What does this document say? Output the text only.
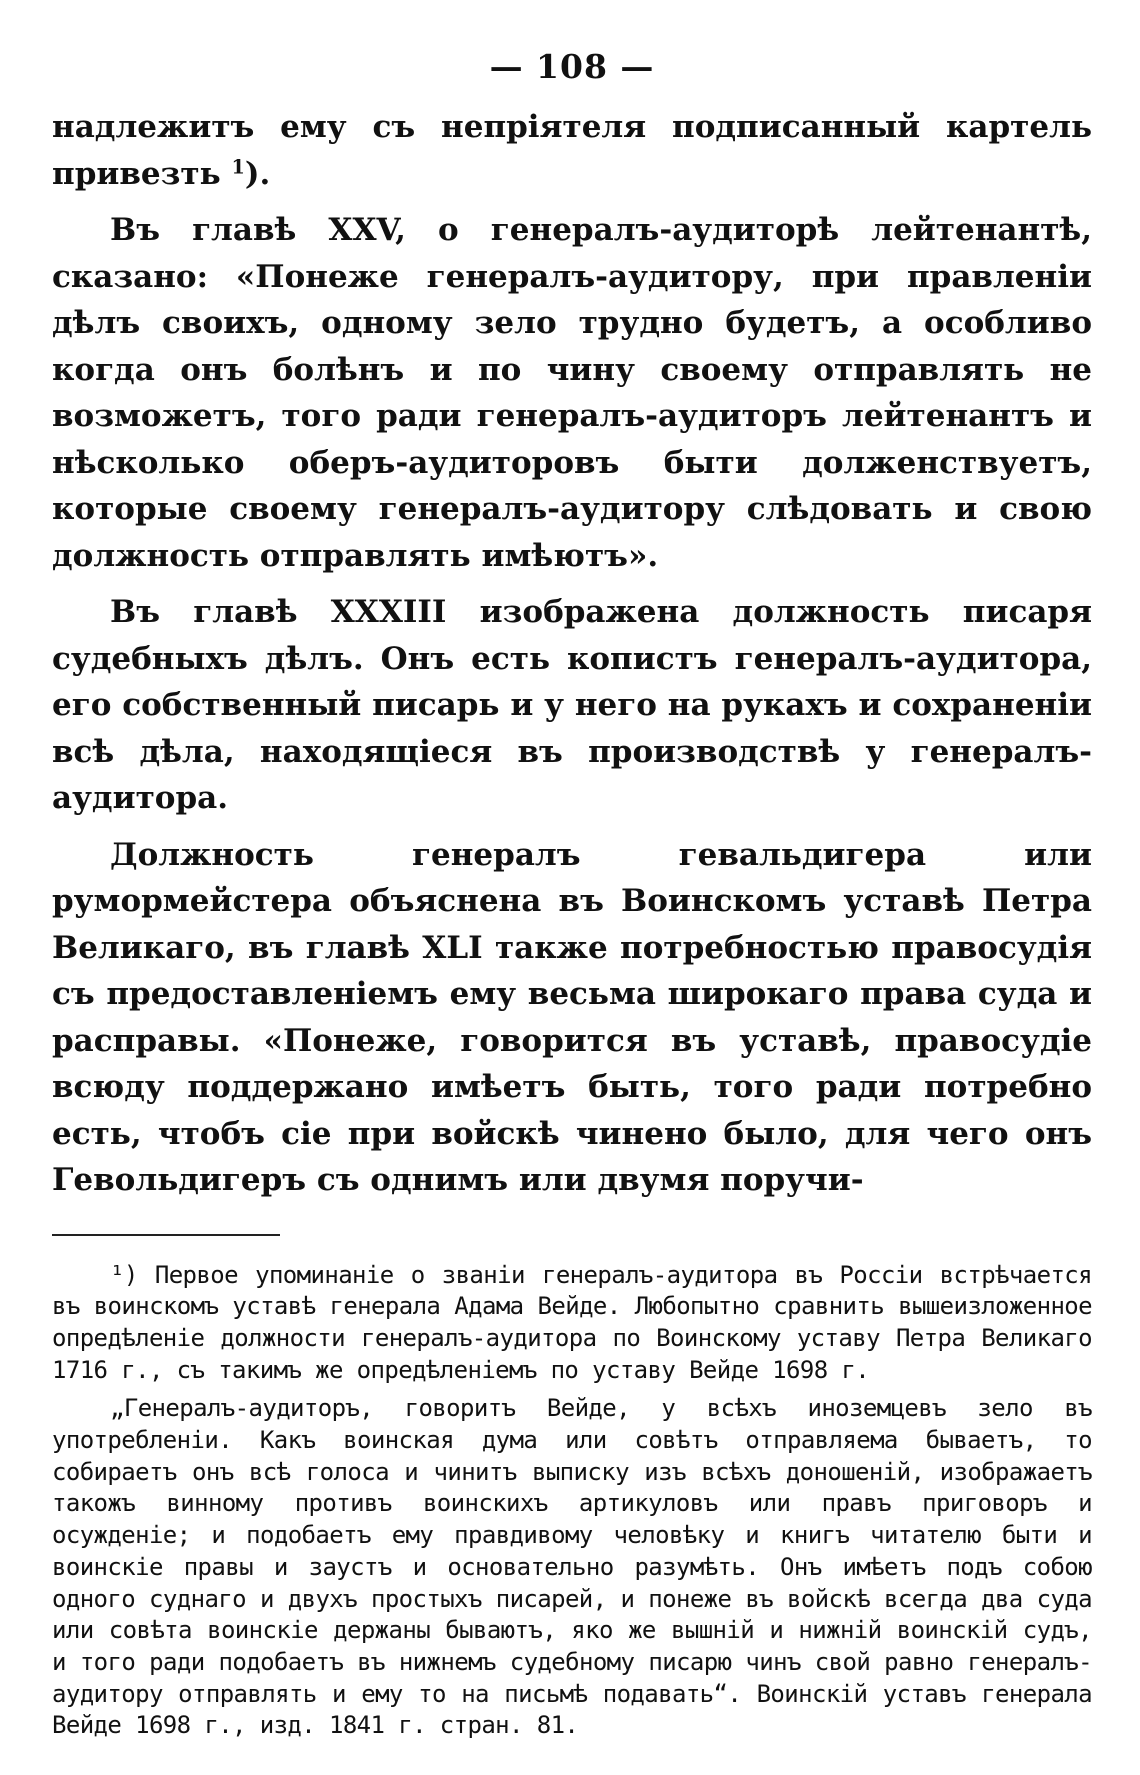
— 108 —

надлежитъ ему съ непріятеля подписанный картель привезть $^1$).

Въ главѣ XXV, о генералъ-аудиторѣ лейтенантѣ, сказано: «Понеже генералъ-аудитору, при правленіи дѣлъ своихъ, одному зело трудно будетъ, а особливо когда онъ болѣнъ и по чину своему отправлять не возможетъ, того ради генералъ-аудиторъ лейтенантъ и нѣсколько оберъ-аудиторовъ быти долженствуетъ, которые своему генералъ-аудитору слѣдовать и свою должность отправлять имѣютъ».

Въ главѣ XXXIII изображена должность писаря судебныхъ дѣлъ. Онъ есть копистъ генералъ-аудитора, его собственный писарь и у него на рукахъ и сохраненіи всѣ дѣла, находящіеся въ производствѣ у генералъ-аудитора.

Должность генералъ гевальдигера или румормейстера объяснена въ Воинскомъ уставѣ Петра Великаго, въ главѣ XLI также потребностью правосудія съ предоставленіемъ ему весьма широкаго права суда и расправы. «Понеже, говорится въ уставѣ, правосудіе всюду поддержано имѣетъ быть, того ради потребно есть, чтобъ сіе при войскѣ чинено было, для чего онъ Гевольдигеръ съ однимъ или двумя поручи-

¹) Первое упоминаніе о званіи генералъ-аудитора въ Россіи встрѣчается въ воинскомъ уставѣ генерала Адама Вейде. Любопытно сравнить вышеизложенное опредѣленіе должности генералъ-аудитора по Воинскому уставу Петра Великаго 1716 г., съ такимъ же опредѣленіемъ по уставу Вейде 1698 г.

„Генералъ-аудиторъ, говоритъ Вейде, у всѣхъ иноземцевъ зело въ употребленіи. Какъ воинская дума или совѣтъ отправляема бываетъ, то собираетъ онъ всѣ голоса и чинитъ выписку изъ всѣхъ доношеній, изображаетъ такожъ винному противъ воинскихъ артикуловъ или правъ приговоръ и осужденіе; и подобаетъ ему правдивому человѣку и книгъ читателю быти и воинскіе правы и заустъ и основательно разумѣть. Онъ имѣетъ подъ собою одного суднаго и двухъ простыхъ писарей, и понеже въ войскѣ всегда два суда или совѣта воинскіе держаны бываютъ, яко же вышній и нижній воинскій судъ, и того ради подобаетъ въ нижнемъ судебному писарю чинъ свой равно генералъ-аудитору отправлять и ему то на письмѣ подавать“. Воинскій уставъ генерала Вейде 1698 г., изд. 1841 г. стран. 81.
